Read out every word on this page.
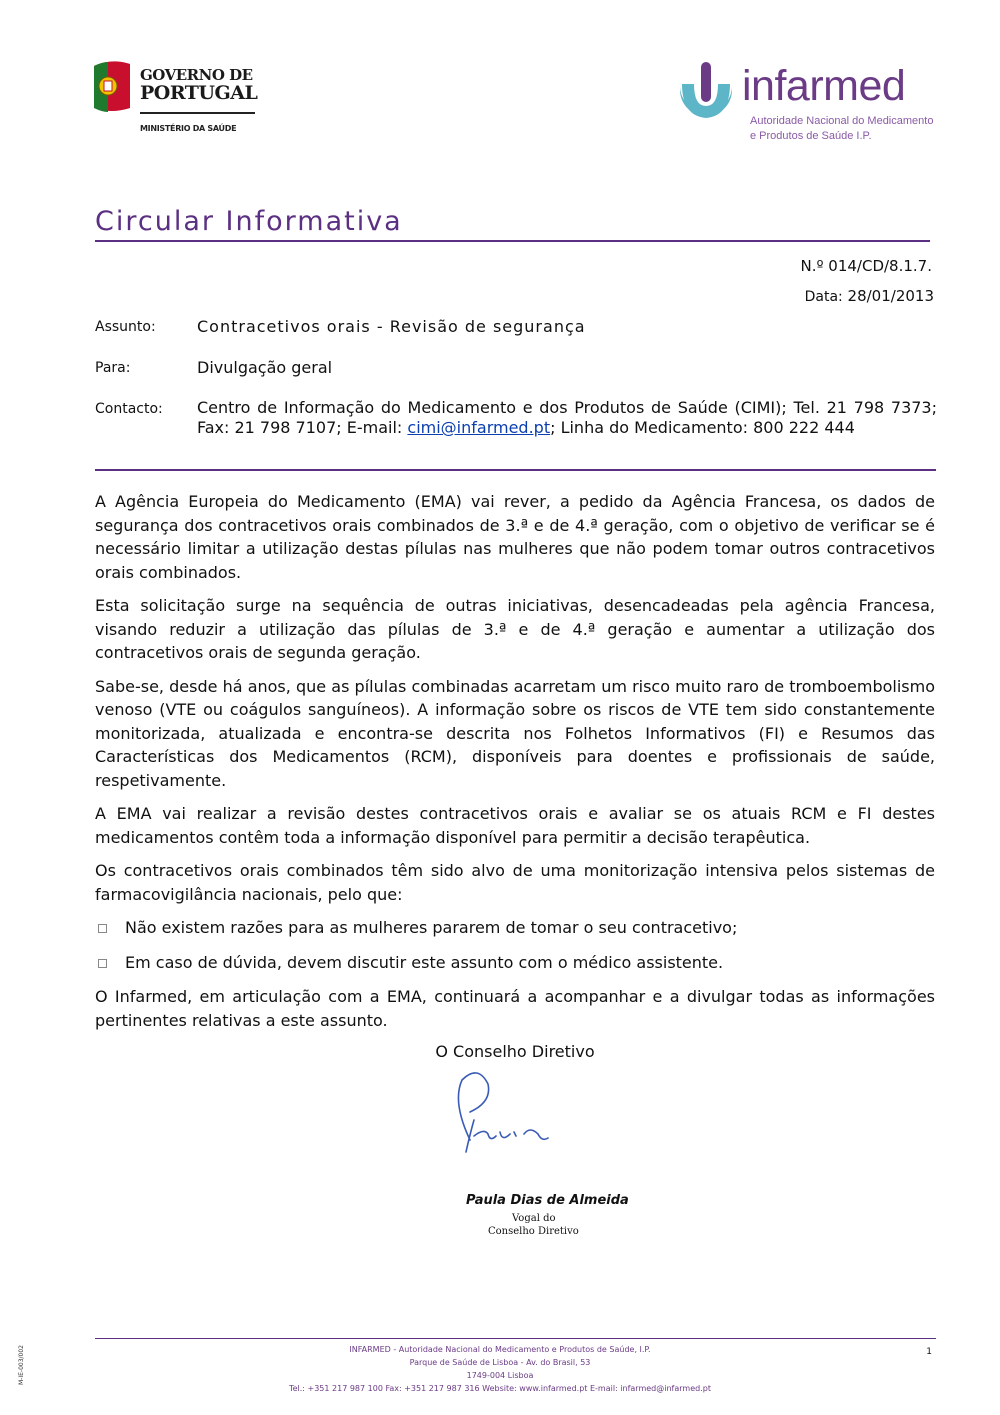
GOVERNO DE
PORTUGAL
MINISTÉRIO DA SAÚDE
infarmed
Autoridade Nacional do Medicamento
e Produtos de Saúde I.P.
Circular Informativa
N.º 014/CD/8.1.7.
Data: 28/01/2013
Assunto:	Contracetivos orais - Revisão de segurança
Para:	Divulgação geral
Contacto: Centro de Informação do Medicamento e dos Produtos de Saúde (CIMI); Tel. 21 798 7373; Fax: 21 798 7107; E-mail: cimi@infarmed.pt; Linha do Medicamento: 800 222 444

A Agência Europeia do Medicamento (EMA) vai rever, a pedido da Agência Francesa, os dados de segurança dos contracetivos orais combinados de 3.ª e de 4.ª geração, com o objetivo de verificar se é necessário limitar a utilização destas pílulas nas mulheres que não podem tomar outros contracetivos orais combinados.

Esta solicitação surge na sequência de outras iniciativas, desencadeadas pela agência Francesa, visando reduzir a utilização das pílulas de 3.ª e de 4.ª geração e aumentar a utilização dos contracetivos orais de segunda geração.

Sabe-se, desde há anos, que as pílulas combinadas acarretam um risco muito raro de tromboembolismo venoso (VTE ou coágulos sanguíneos). A informação sobre os riscos de VTE tem sido constantemente monitorizada, atualizada e encontra-se descrita nos Folhetos Informativos (FI) e Resumos das Características dos Medicamentos (RCM), disponíveis para doentes e profissionais de saúde, respetivamente.

A EMA vai realizar a revisão destes contracetivos orais e avaliar se os atuais RCM e FI destes medicamentos contêm toda a informação disponível para permitir a decisão terapêutica.

Os contracetivos orais combinados têm sido alvo de uma monitorização intensiva pelos sistemas de farmacovigilância nacionais, pelo que:

Não existem razões para as mulheres pararem de tomar o seu contracetivo;
Em caso de dúvida, devem discutir este assunto com o médico assistente.

O Infarmed, em articulação com a EMA, continuará a acompanhar e a divulgar todas as informações pertinentes relativas a este assunto.

O Conselho Diretivo
Paula Dias de Almeida
Vogal do
Conselho Diretivo
INFARMED - Autoridade Nacional do Medicamento e Produtos de Saúde, I.P.
Parque de Saúde de Lisboa - Av. do Brasil, 53
1749-004 Lisboa
Tel.: +351 217 987 100 Fax: +351 217 987 316 Website: www.infarmed.pt E-mail: infarmed@infarmed.pt
1
M-IE-003/002
